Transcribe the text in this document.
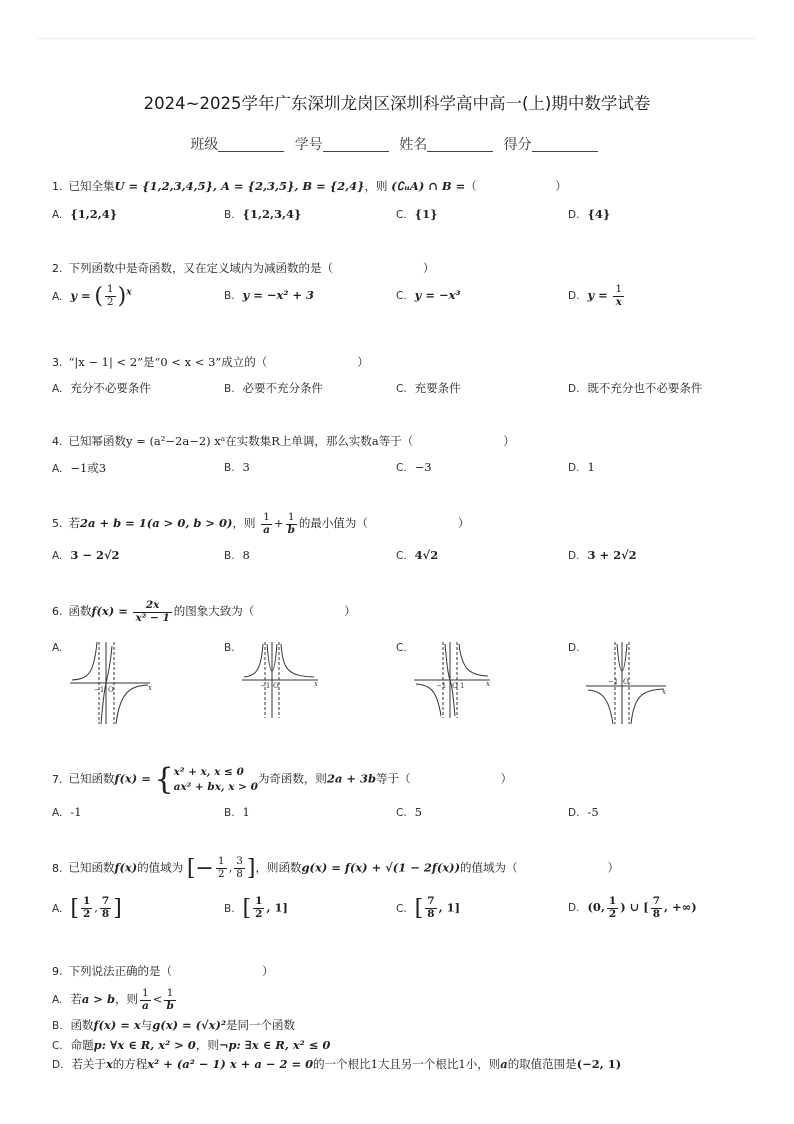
2024~2025学年广东深圳龙岗区深圳科学高中高一(上)期中数学试卷
班级	学号	姓名	得分
1. 已知全集U = {1,2,3,4,5}, A = {2,3,5}, B = {2,4}，则 (∁ᵤA) ∩ B =（	）
A. {1,2,4}	B. {1,2,3,4}	C. {1}	D. {4}
2. 下列函数中是奇函数，又在定义域内为减函数的是（	）
A. y = ( $\frac{1}{2} )^x$	B. y = −x² + 3	C. y = −x³	D. $y = \frac{1}{x}$
3. “|x − 1| < 2”是“0 < x < 3”成立的（	）
A. 充分不必要条件	B. 必要不充分条件	C. 充要条件	D. 既不充分也不必要条件
4. 已知幂函数y = (a²−2a−2) xᵃ在实数集R上单调，那么实数a等于（	）
A. −1或3	B. 3	C. −3	D. 1
5. 若2a + b = 1(a > 0, b > 0)，则 $\frac{1}{a} + \frac{1}{b}$ 的最小值为（	）
A. 3 − 2√2	B. 8	C. 4√2	D. 3 + 2√2
6. 函数$f(x) = \frac{2x}{\text{x² − 1}}$ 的图象大致为（	）
A.	B.	C.	D.
−1 O	x	−1 O	x	−1 O 1	x	−1 O
x
7. 已知函数f(x) = { x² + x, x ≤ 0
ax² + bx, x > 0
为奇函数，则2a + 3b等于（	）
A. -1	B. 1	C. 5	D. -5
8. 已知函数f(x)的值域为 [− $\frac{1}{2}$ , $\frac{3}{8}$ ]，则函数g(x) = f(x) + √(1 − 2f(x))的值域为（	）
A. [ $\frac{1}{2}$ , $\frac{7}{8}$ ]	B. [ $\frac{1}{2}$ , 1]	C. [ $\frac{7}{8}$ , 1]	D. (0, $\frac{1}{2}$ ) ∪ [ $\frac{7}{8}$ , +∞)
9. 下列说法正确的是（	）
A. 若a > b，则 $\frac{1}{a} < \frac{1}{b}$
B. 函数f(x) = x与g(x) = (√x)²是同一个函数
C. 命题p: ∀x ∈ R, x² > 0，则¬p: ∃x ∈ R, x² ≤ 0
D. 若关于x的方程x² + (a² − 1) x + a − 2 = 0的一个根比1大且另一个根比1小，则a的取值范围是(−2, 1)
